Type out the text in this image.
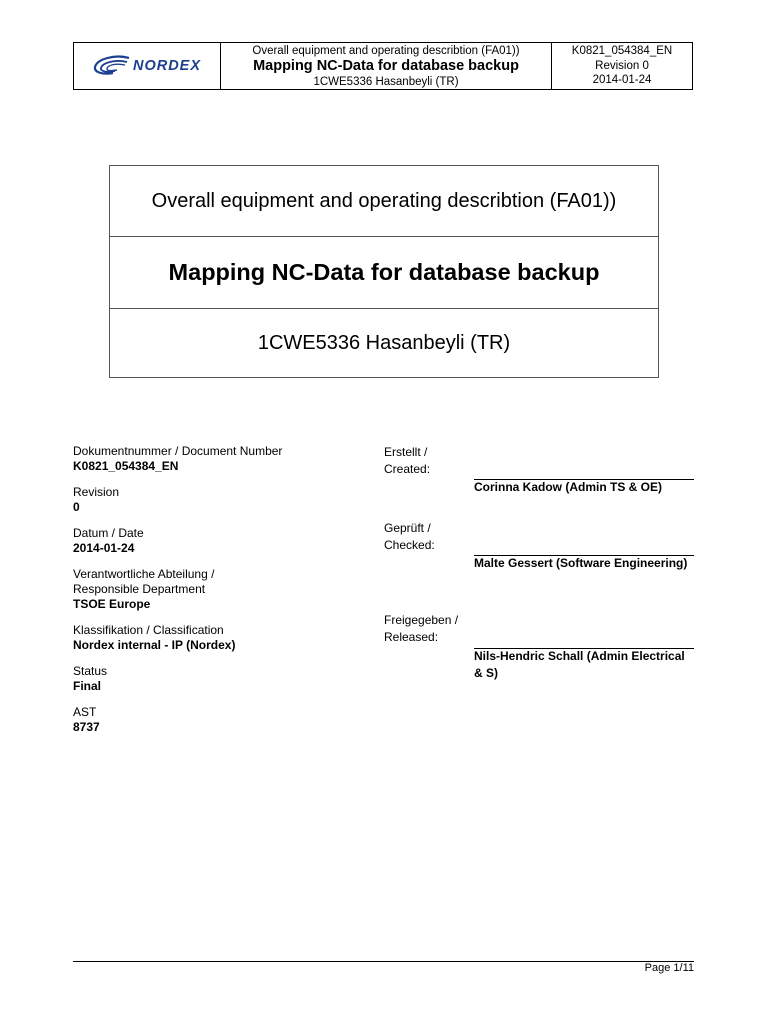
NORDEX
Overall equipment and operating describtion (FA01))
Mapping NC-Data for database backup
1CWE5336 Hasanbeyli (TR)
K0821_054384_EN
Revision 0
2014-01-24
Overall equipment and operating describtion (FA01))
Mapping NC-Data for database backup
1CWE5336 Hasanbeyli (TR)
Dokumentnummer / Document Number
K0821_054384_EN
Revision
0
Datum / Date
2014-01-24
Verantwortliche Abteilung /
Responsible Department
TSOE Europe
Klassifikation / Classification
Nordex internal - IP (Nordex)
Status
Final
AST
8737
Erstellt /
Created:
Corinna Kadow (Admin TS & OE)
Geprüft /
Checked:
Malte Gessert (Software Engineering)
Freigegeben /
Released:
Nils-Hendric Schall (Admin Electrical & S)
Page 1/11
